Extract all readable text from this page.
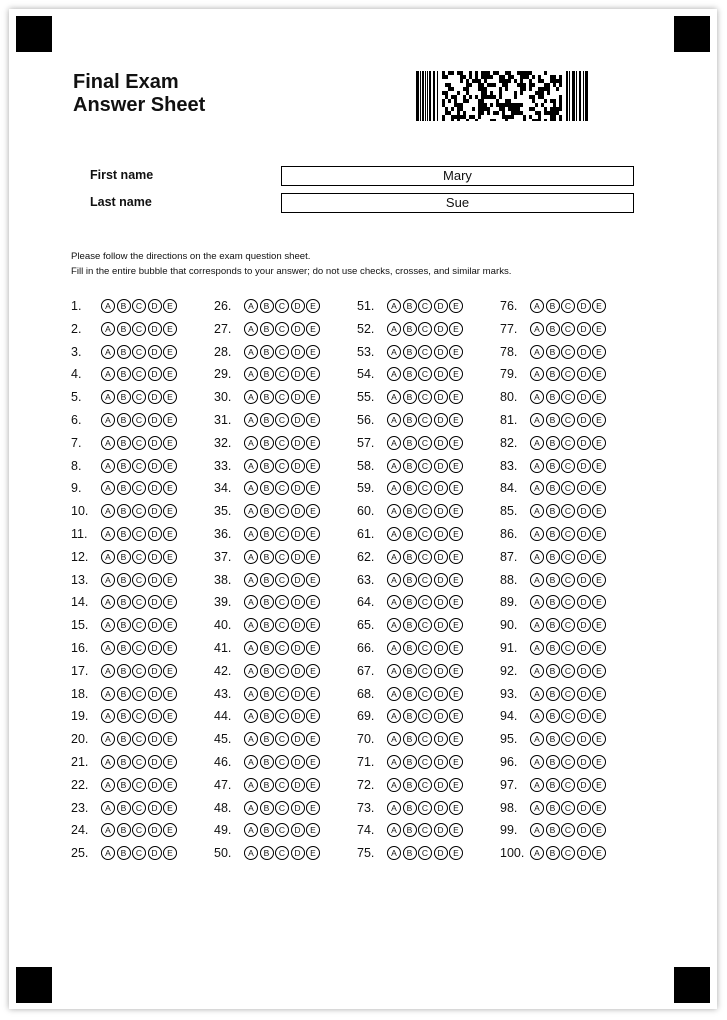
Final Exam
Answer Sheet
First name	Mary
Last name	Sue
Please follow the directions on the exam question sheet.
Fill in the entire bubble that corresponds to your answer; do not use checks, crosses, and similar marks.
1.	A	B	C	D	E
2.	A	B	C	D	E
3.	A	B	C	D	E
4.	A	B	C	D	E
5.	A	B	C	D	E
6.	A	B	C	D	E
7.	A	B	C	D	E
8.	A	B	C	D	E
9.	A	B	C	D	E
10.	A	B	C	D	E
11.	A	B	C	D	E
12.	A	B	C	D	E
13.	A	B	C	D	E
14.	A	B	C	D	E
15.	A	B	C	D	E
16.	A	B	C	D	E
17.	A	B	C	D	E
18.	A	B	C	D	E
19.	A	B	C	D	E
20.	A	B	C	D	E
21.	A	B	C	D	E
22.	A	B	C	D	E
23.	A	B	C	D	E
24.	A	B	C	D	E
25.	A	B	C	D	E
26.	A	B	C	D	E
27.	A	B	C	D	E
28.	A	B	C	D	E
29.	A	B	C	D	E
30.	A	B	C	D	E
31.	A	B	C	D	E
32.	A	B	C	D	E
33.	A	B	C	D	E
34.	A	B	C	D	E
35.	A	B	C	D	E
36.	A	B	C	D	E
37.	A	B	C	D	E
38.	A	B	C	D	E
39.	A	B	C	D	E
40.	A	B	C	D	E
41.	A	B	C	D	E
42.	A	B	C	D	E
43.	A	B	C	D	E
44.	A	B	C	D	E
45.	A	B	C	D	E
46.	A	B	C	D	E
47.	A	B	C	D	E
48.	A	B	C	D	E
49.	A	B	C	D	E
50.	A	B	C	D	E
51.	A	B	C	D	E
52.	A	B	C	D	E
53.	A	B	C	D	E
54.	A	B	C	D	E
55.	A	B	C	D	E
56.	A	B	C	D	E
57.	A	B	C	D	E
58.	A	B	C	D	E
59.	A	B	C	D	E
60.	A	B	C	D	E
61.	A	B	C	D	E
62.	A	B	C	D	E
63.	A	B	C	D	E
64.	A	B	C	D	E
65.	A	B	C	D	E
66.	A	B	C	D	E
67.	A	B	C	D	E
68.	A	B	C	D	E
69.	A	B	C	D	E
70.	A	B	C	D	E
71.	A	B	C	D	E
72.	A	B	C	D	E
73.	A	B	C	D	E
74.	A	B	C	D	E
75.	A	B	C	D	E
76.	A	B	C	D	E
77.	A	B	C	D	E
78.	A	B	C	D	E
79.	A	B	C	D	E
80.	A	B	C	D	E
81.	A	B	C	D	E
82.	A	B	C	D	E
83.	A	B	C	D	E
84.	A	B	C	D	E
85.	A	B	C	D	E
86.	A	B	C	D	E
87.	A	B	C	D	E
88.	A	B	C	D	E
89.	A	B	C	D	E
90.	A	B	C	D	E
91.	A	B	C	D	E
92.	A	B	C	D	E
93.	A	B	C	D	E
94.	A	B	C	D	E
95.	A	B	C	D	E
96.	A	B	C	D	E
97.	A	B	C	D	E
98.	A	B	C	D	E
99.	A	B	C	D	E
100.	A	B	C	D	E
